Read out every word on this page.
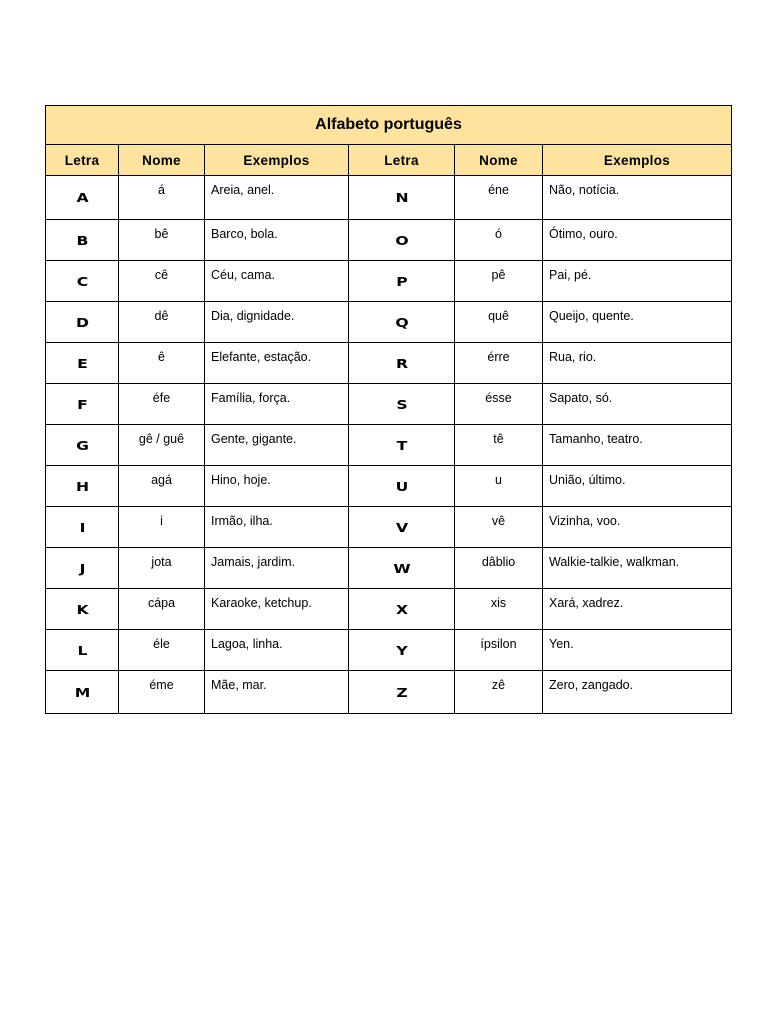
Alfabeto português					
Letra	Nome	Exemplos	Letra	Nome	Exemplos
A	á	Areia, anel.	N	éne	Não, notícia.
B	bê	Barco, bola.	O	ó	Ótimo, ouro.
C	cê	Céu, cama.	P	pê	Pai, pé.
D	dê	Dia, dignidade.	Q	quê	Queijo, quente.
E	ê	Elefante, estação.	R	érre	Rua, rio.
F	éfe	Família, força.	S	ésse	Sapato, só.
G	gê / guê	Gente, gigante.	T	tê	Tamanho, teatro.
H	agá	Hino, hoje.	U	u	União, último.
I	i	Irmão, ilha.	V	vê	Vizinha, voo.
J	jota	Jamais, jardim.	W	dâblio	Walkie-talkie, walkman.
K	cápa	Karaoke, ketchup.	X	xis	Xará, xadrez.
L	éle	Lagoa, linha.	Y	ípsilon	Yen.
M	éme	Mãe, mar.	Z	zê	Zero, zangado.
